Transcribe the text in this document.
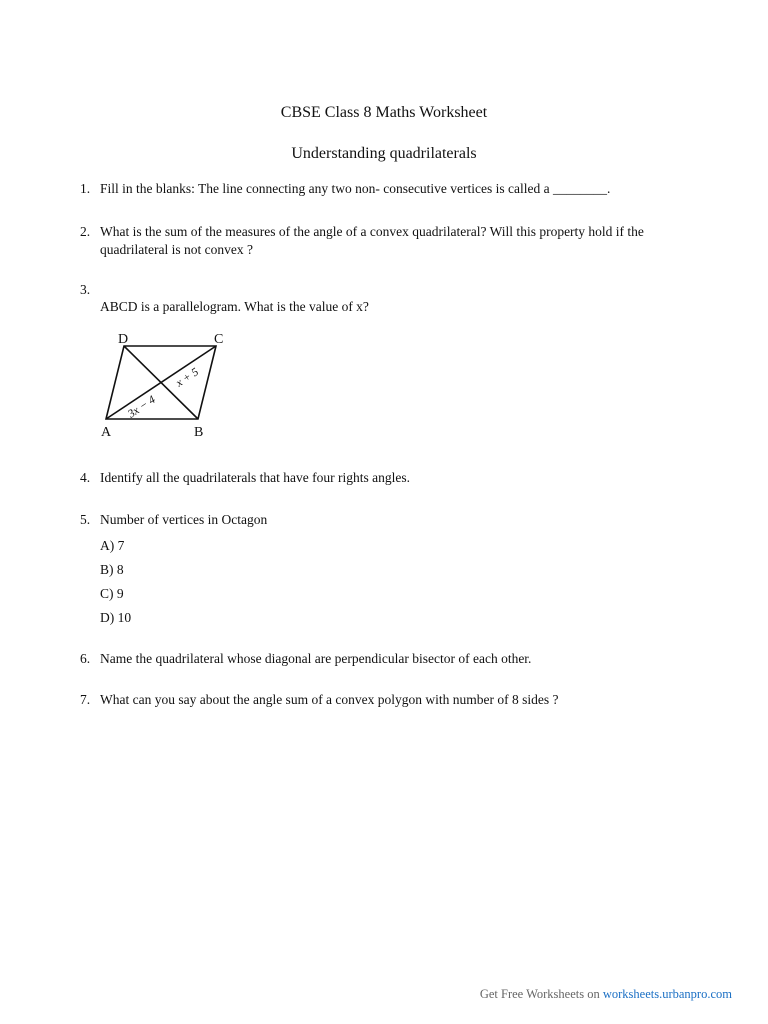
CBSE Class 8 Maths Worksheet
Understanding quadrilaterals
1. Fill in the blanks: The line connecting any two non- consecutive vertices is called a ________.
2. What is the sum of the measures of the angle of a convex quadrilateral? Will this property hold if the
quadrilateral is not convex ?
3.
ABCD is a parallelogram. What is the value of x?
D	C
A	B
3x − 4
x + 5
4. Identify all the quadrilaterals that have four rights angles.
5. Number of vertices in Octagon
A) 7
B) 8
C) 9
D) 10
6. Name the quadrilateral whose diagonal are perpendicular bisector of each other.
7. What can you say about the angle sum of a convex polygon with number of 8 sides ?
Get Free Worksheets on worksheets.urbanpro.com
